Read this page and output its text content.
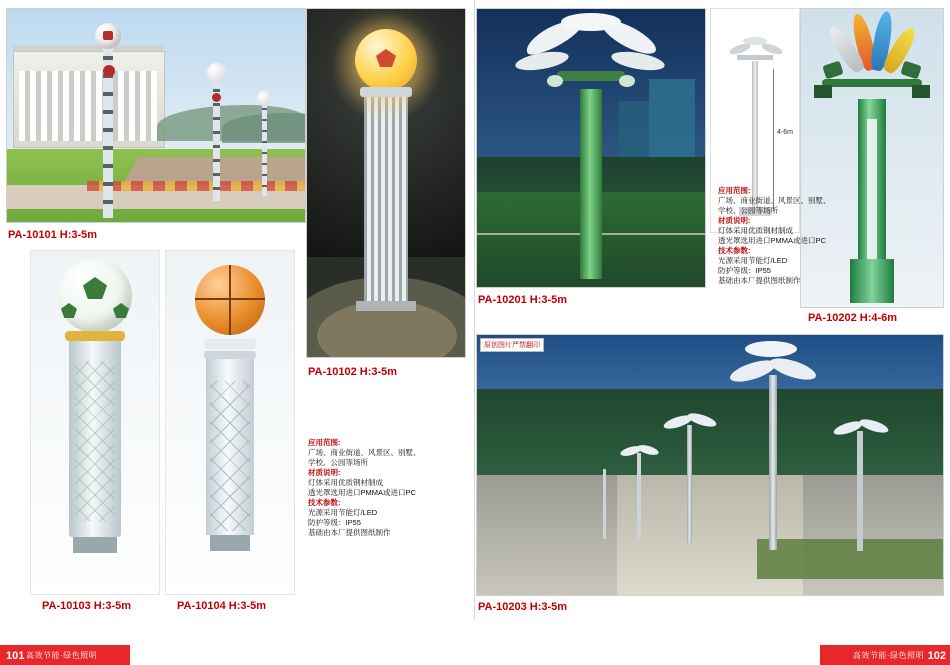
PA-10101 H:3-5m
PA-10102 H:3-5m
PA-10201 H:3-5m
4-6m
PA-10202 H:4-6m
应用范围:
广场、商业街道、风景区、别墅、
学校、公园等场所
材质说明:
灯体采用优质钢材制成
透光罩选用进口PMMA或进口PC
技术参数:
光源采用节能灯/LED
防护等级：IP55
基础由本厂提供图纸制作
PA-10103 H:3-5m	PA-10104 H:3-5m
应用范围:
广场、商业街道、风景区、别墅、
学校、公园等场所
材质说明:
灯体采用优质钢材制成
透光罩选用进口PMMA或进口PC
技术参数:
光源采用节能灯/LED
防护等级：IP55
基础由本厂提供图纸制作
原创图片严禁翻印
PA-10203 H:3-5m
101 高效节能·绿色照明	高效节能·绿色照明 102
